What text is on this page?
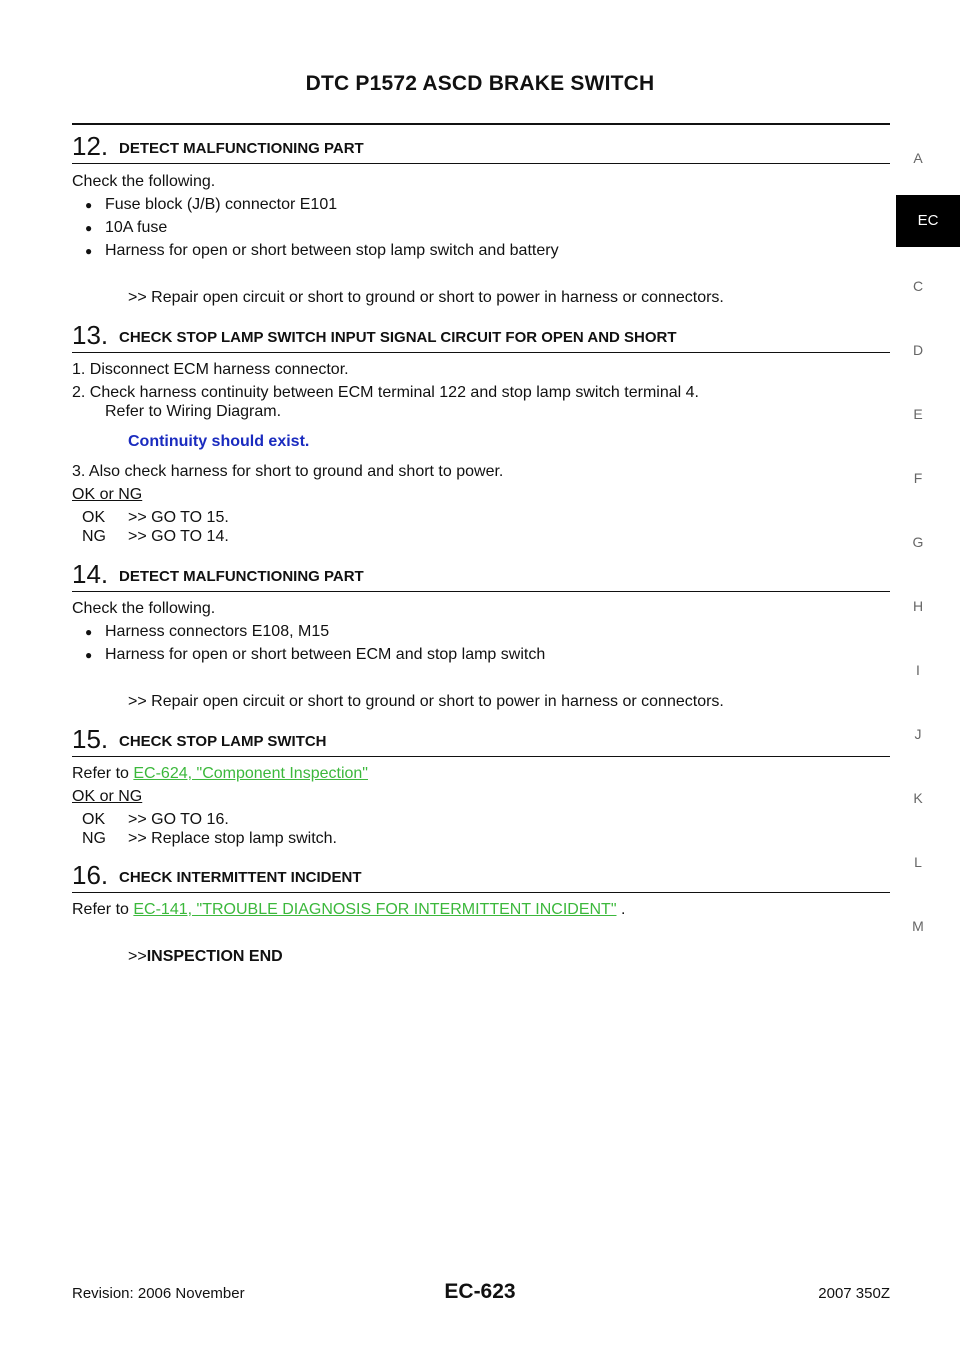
DTC P1572 ASCD BRAKE SWITCH
A
EC
C
D
E
F
G
H
I
J
K
L
M
12. DETECT MALFUNCTIONING PART
Check the following.
● Fuse block (J/B) connector E101
● 10A fuse
● Harness for open or short between stop lamp switch and battery
>> Repair open circuit or short to ground or short to power in harness or connectors.
13. CHECK STOP LAMP SWITCH INPUT SIGNAL CIRCUIT FOR OPEN AND SHORT
1. Disconnect ECM harness connector.
2. Check harness continuity between ECM terminal 122 and stop lamp switch terminal 4.
Refer to Wiring Diagram.
Continuity should exist.
3. Also check harness for short to ground and short to power.
OK or NG
OK >> GO TO 15.
NG >> GO TO 14.
14. DETECT MALFUNCTIONING PART
Check the following.
● Harness connectors E108, M15
● Harness for open or short between ECM and stop lamp switch
>> Repair open circuit or short to ground or short to power in harness or connectors.
15. CHECK STOP LAMP SWITCH
Refer to EC-624, "Component Inspection"
OK or NG
OK >> GO TO 16.
NG >> Replace stop lamp switch.
16. CHECK INTERMITTENT INCIDENT
Refer to EC-141, "TROUBLE DIAGNOSIS FOR INTERMITTENT INCIDENT" .
>>INSPECTION END
Revision: 2006 November	EC-623	2007 350Z
